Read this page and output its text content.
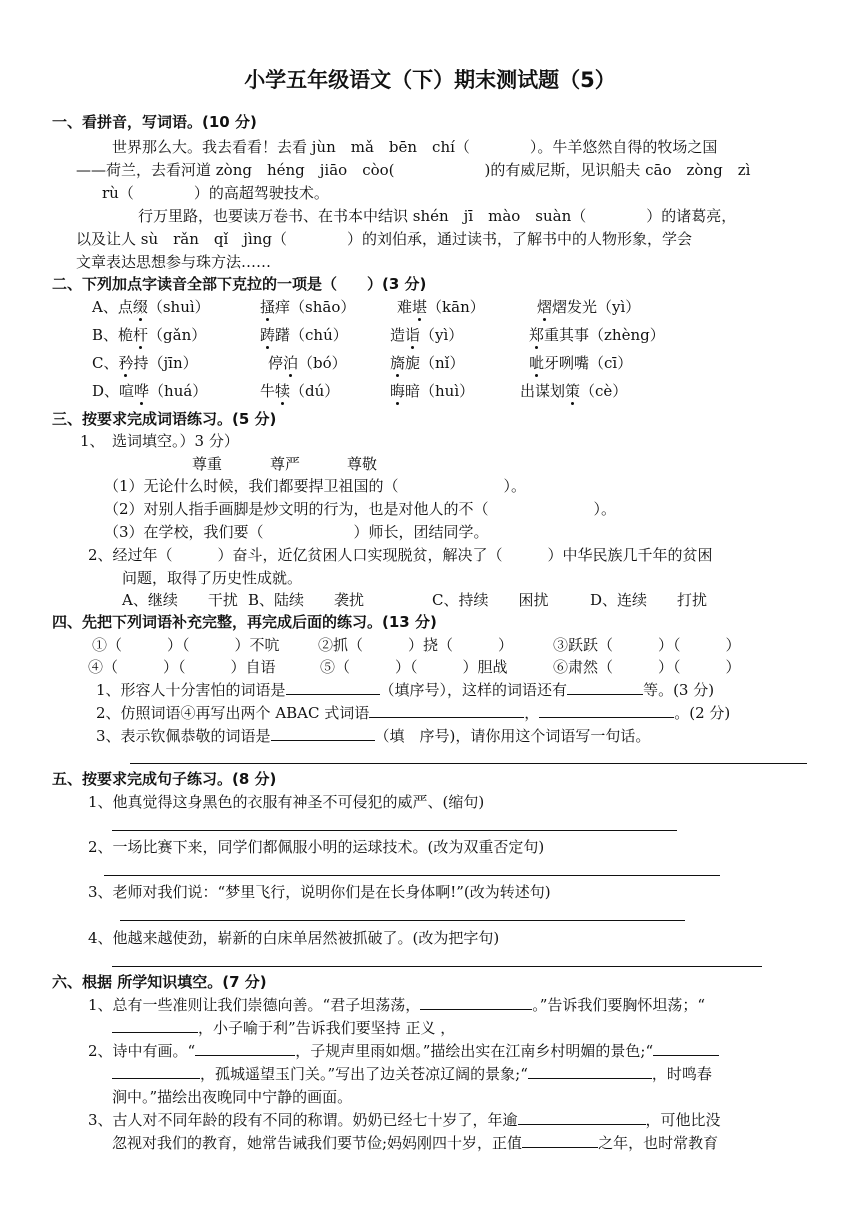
小学五年级语文（下）期末测试题（5）
一、看拼音，写词语。(10 分)
世界那么大。我去看看！去看 jùn　mǎ　bēn　chí（　　　　）。牛羊悠然自得的牧场之国
——荷兰，去看河道 zòng　héng　jiāo　còo(　　　　　　)的有威尼斯，见识船夫 cāo　zòng　zì
rù（　　　　）的高超驾驶技术。
行万里路，也要读万卷书、在书本中结识 shén　jī　mào　suàn（　　　　）的诸葛亮，
以及让人 sù　rǎn　qǐ　jìng（　　　　）的刘伯承，通过读书，了解书中的人物形象，学会
文章表达思想参与珠方法……
二、下列加点字读音全部下克拉的一项是（　　）(3 分)
A、点缀（shuì）	搔痒（shāo）	难堪（kān）	熠熠发光（yì）
B、桅杆（gǎn）	踌躇（chú）	造诣（yì）	郑重其事（zhèng）
C、矜持（jīn）	停泊（bó）	旖旎（nǐ）	呲牙咧嘴（cī）
D、喧哗（huá）	牛犊（dú）	晦暗（huì）	出谋划策（cè）
三、按要求完成词语练习。(5 分)
1、　选词填空。）3 分）
尊重	尊严	尊敬
（1）无论什么时候，我们都要捍卫祖国的（　　　　　　　）。
（2）对别人指手画脚是炒文明的行为，也是对他人的不（　　　　　　　）。
（3）在学校，我们要（　　　　　　）师长，团结同学。
2、经过年（　　　）奋斗，近亿贫困人口实现脱贫，解决了（　　　）中华民族几千年的贫困
问题，取得了历史性成就。
A、继续　　干扰 B、陆续　　袭扰	C、持续　　困扰	D、连续　　打扰
四、先把下列词语补充完整，再完成后面的练习。(13 分)
①（　　　）（　　　）不吭	②抓（　　　）挠（　　　）	③跃跃（　　　）（　　　）
④（　　　）（　　　）自语	⑤（　　　）（　　　）胆战	⑥肃然（　　　）（　　　）
1、形容人十分害怕的词语是	（填序号），这样的词语还有	等。(3 分)
2、仿照词语④再写出两个 ABAC 式词语	，	。(2 分)
3、表示钦佩恭敬的词语是	（填　序号)，请你用这个词语写一句话。
五、按要求完成句子练习。(8 分)
1、他真觉得这身黑色的衣服有神圣不可侵犯的威严、(缩句)
2、一场比赛下来，同学们都佩服小明的运球技术。(改为双重否定句)
3、老师对我们说：“梦里飞行，说明你们是在长身体啊!”(改为转述句)
4、他越来越使劲，崭新的白床单居然被抓破了。(改为把字句)
六、根据 所学知识填空。(7 分)
1、总有一些准则让我们崇德向善。“君子坦荡荡，	。”告诉我们要胸怀坦荡；“
，小子喻于利”告诉我们要坚持 正义 ，
2、诗中有画。“	，子规声里雨如烟。”描绘出实在江南乡村明媚的景色;“
，孤城遥望玉门关。”写出了边关苍凉辽阔的景象;“	，时鸣春
涧中。”描绘出夜晚同中宁静的画面。
3、古人对不同年龄的段有不同的称谓。奶奶已经七十岁了，年逾	，可他比没
忽视对我们的教育，她常告诫我们要节俭;妈妈刚四十岁，正值	之年，也时常教育
